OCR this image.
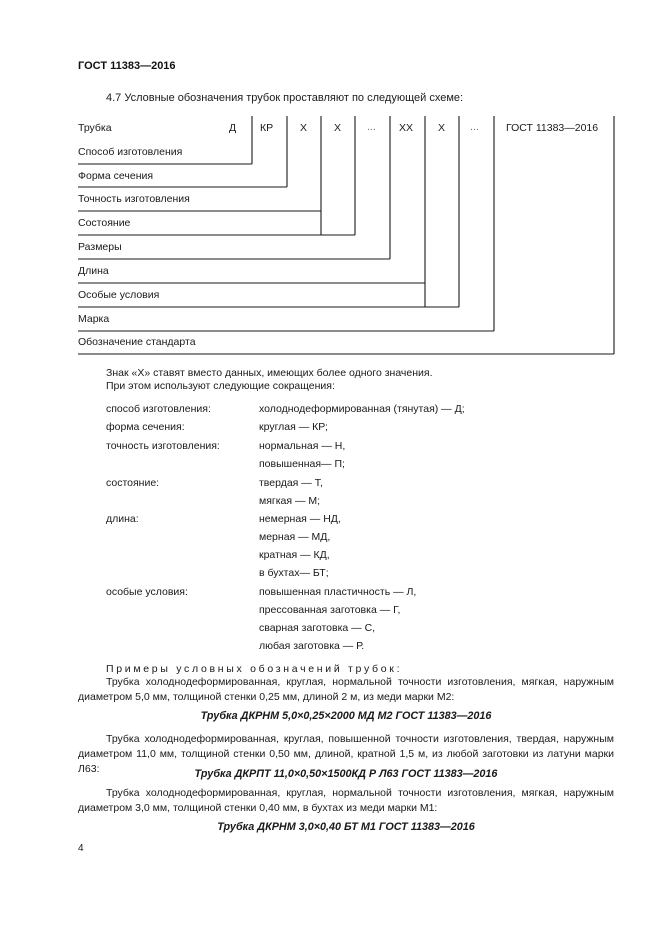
ГОСТ 11383—2016
4.7 Условные обозначения трубок проставляют по следующей схеме:
Трубка	Д КР	Х	Х ... ХХ Х ...	ГОСТ 11383—2016
Способ изготовления
Форма сечения
Точность изготовления
Состояние
Размеры
Длина
Особые условия
Марка
Обозначение стандарта
Знак «Х» ставят вместо данных, имеющих более одного значения.
При этом используют следующие сокращения:
способ изготовления:	холоднодеформированная (тянутая) — Д;
форма сечения:	круглая — КР;
точность изготовления:	нормальная — Н,
повышенная— П;
состояние:	твердая — Т,
мягкая — М;
длина:	немерная — НД,
мерная — МД,
кратная — КД,
в бухтах— БТ;
особые условия:	повышенная пластичность — Л,
прессованная заготовка — Г,
сварная заготовка — С,
любая заготовка — Р.
Примеры условных обозначений трубок:
Трубка холоднодеформированная, круглая, нормальной точности изготовления, мягкая, наружным диаметром 5,0 мм, толщиной стенки 0,25 мм, длиной 2 м, из меди марки М2:
Трубка ДКРНМ 5,0×0,25×2000 МД М2 ГОСТ 11383—2016
Трубка холоднодеформированная, круглая, повышенной точности изготовления, твердая, наружным диаметром 11,0 мм, толщиной стенки 0,50 мм, длиной, кратной 1,5 м, из любой заготовки из латуни марки Л63:	Трубка ДКРПТ 11,0×0,50×1500КД Р Л63 ГОСТ 11383—2016
Трубка холоднодеформированная, круглая, нормальной точности изготовления, мягкая, наружным диаметром 3,0 мм, толщиной стенки 0,40 мм, в бухтах из меди марки М1:
Трубка ДКРНМ 3,0×0,40 БТ М1 ГОСТ 11383—2016
4
